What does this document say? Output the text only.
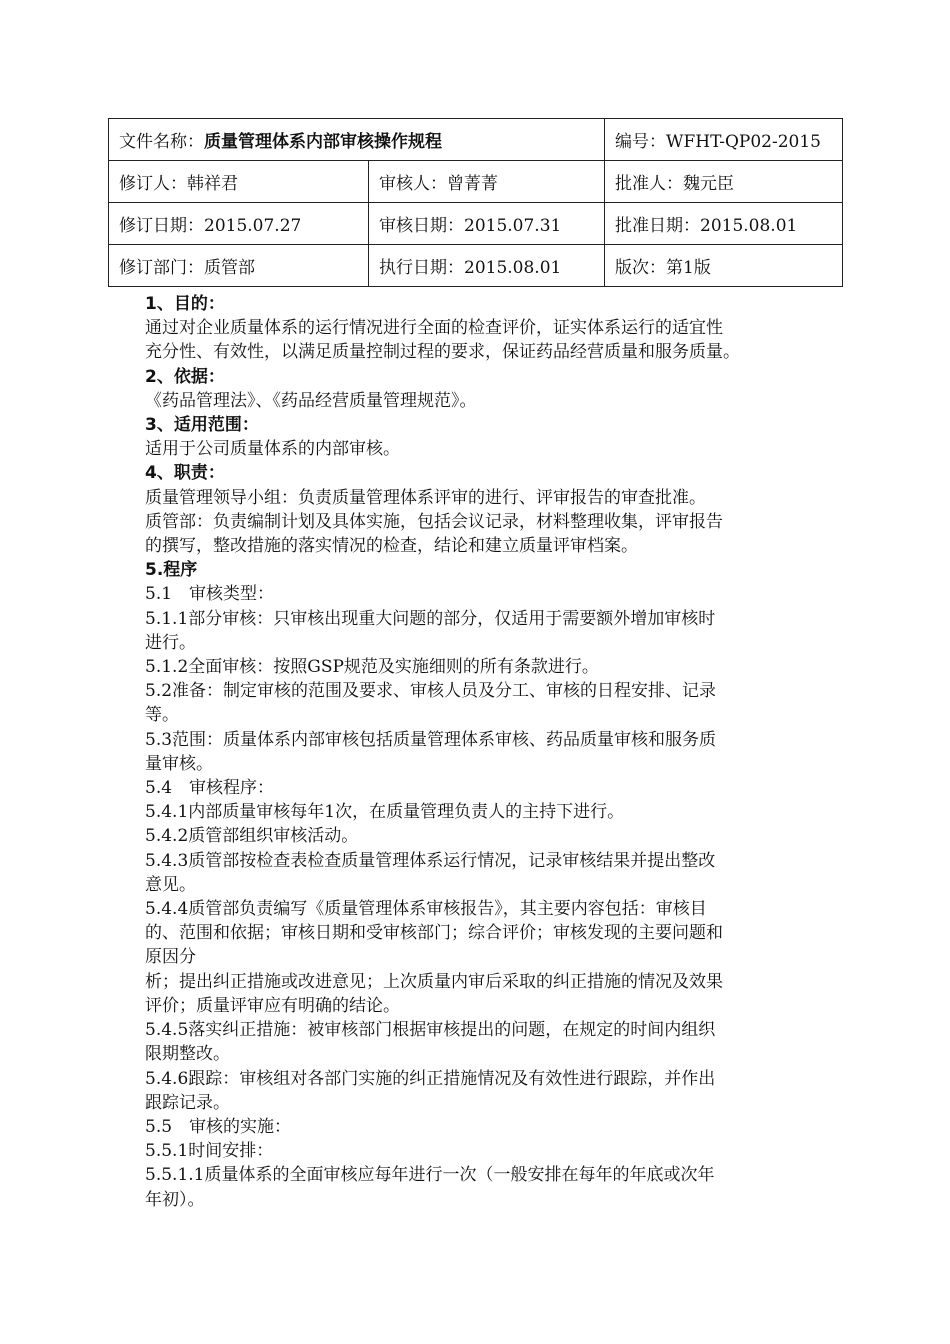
文件名称：质量管理体系内部审核操作规程		编号：WFHT-QP02-2015
修订人：韩祥君	审核人：曾菁菁	批准人：魏元臣
修订日期：2015.07.27	审核日期：2015.07.31	批准日期：2015.08.01
修订部门：质管部	执行日期：2015.08.01	版次：第1版

1、目的：

通过对企业质量体系的运行情况进行全面的检查评价，证实体系运行的适宜性

充分性、有效性，以满足质量控制过程的要求，保证药品经营质量和服务质量。

2、依据：

《药品管理法》、《药品经营质量管理规范》。

3、适用范围：

适用于公司质量体系的内部审核。

4、职责：

质量管理领导小组：负责质量管理体系评审的进行、评审报告的审查批准。

质管部：负责编制计划及具体实施，包括会议记录，材料整理收集，评审报告

的撰写，整改措施的落实情况的检查，结论和建立质量评审档案。

5.程序

5.1　审核类型：

5.1.1部分审核：只审核出现重大问题的部分，仅适用于需要额外增加审核时

进行。

5.1.2全面审核：按照GSP规范及实施细则的所有条款进行。

5.2准备：制定审核的范围及要求、审核人员及分工、审核的日程安排、记录

等。

5.3范围：质量体系内部审核包括质量管理体系审核、药品质量审核和服务质

量审核。

5.4　审核程序：

5.4.1内部质量审核每年1次，在质量管理负责人的主持下进行。

5.4.2质管部组织审核活动。

5.4.3质管部按检查表检查质量管理体系运行情况，记录审核结果并提出整改

意见。

5.4.4质管部负责编写《质量管理体系审核报告》，其主要内容包括：审核目

的、范围和依据；审核日期和受审核部门；综合评价；审核发现的主要问题和

原因分

析；提出纠正措施或改进意见；上次质量内审后采取的纠正措施的情况及效果

评价；质量评审应有明确的结论。

5.4.5落实纠正措施：被审核部门根据审核提出的问题，在规定的时间内组织

限期整改。

5.4.6跟踪：审核组对各部门实施的纠正措施情况及有效性进行跟踪，并作出

跟踪记录。

5.5　审核的实施：

5.5.1时间安排：

5.5.1.1质量体系的全面审核应每年进行一次（一般安排在每年的年底或次年

年初）。
